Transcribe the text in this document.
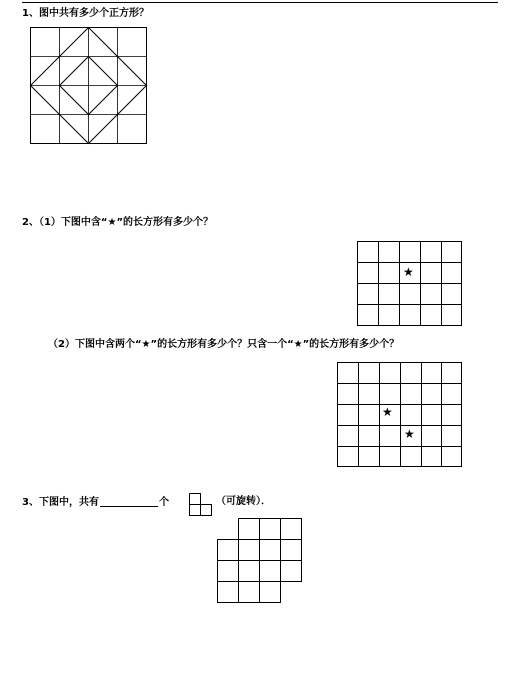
1、图中共有多少个正方形？
2、（1）下图中含“★”的长方形有多少个？
★
（2）下图中含两个“★”的长方形有多少个？只含一个“★”的长方形有多少个？
★
★
3、下图中，共有	个	（可旋转）．
